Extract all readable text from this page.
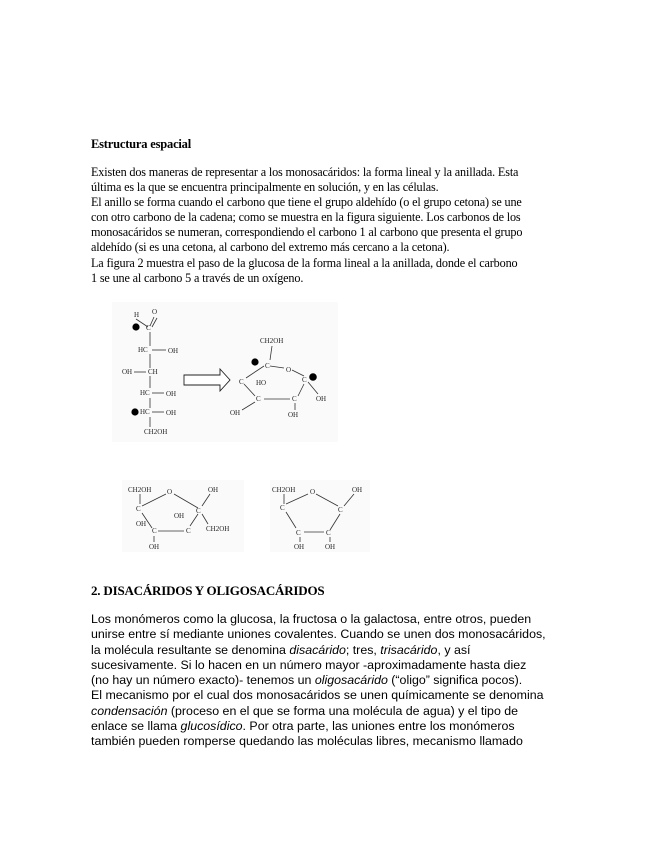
Estructura espacial

Existen dos maneras de representar a los monosacáridos: la forma lineal y la anillada. Esta

última es la que se encuentra principalmente en solución, y en las células.

El anillo se forma cuando el carbono que tiene el grupo aldehído (o el grupo cetona) se une

con otro carbono de la cadena; como se muestra en la figura siguiente. Los carbonos de los

monosacáridos se numeran, correspondiendo el carbono 1 al carbono que presenta el grupo

aldehído (si es una cetona, al carbono del extremo más cercano a la cetona).

La figura 2 muestra el paso de la glucosa de la forma lineal a la anillada, donde el carbono

1 se une al carbono 5 a través de un oxígeno.

H O
C
HC	OH
OH CH
HC OH
HC OH
CH2OH
CH2OH
C O
C
OH
C
OH
C
OH
C HO
CH2OH
C
O	OH
C
CH2OH
OH
C
C
OH
OH
CH2OH
C
O	OH
C
C
C
OH	OH
2. DISACÁRIDOS Y OLIGOSACÁRIDOS

Los monómeros como la glucosa, la fructosa o la galactosa, entre otros, pueden

unirse entre sí mediante uniones covalentes. Cuando se unen dos monosacáridos,

la molécula resultante se denomina disacárido; tres, trisacárido, y así

sucesivamente. Si lo hacen en un número mayor -aproximadamente hasta diez

(no hay un número exacto)- tenemos un oligosacárido (“oligo” significa pocos).

El mecanismo por el cual dos monosacáridos se unen químicamente se denomina

condensación (proceso en el que se forma una molécula de agua) y el tipo de

enlace se llama glucosídico. Por otra parte, las uniones entre los monómeros

también pueden romperse quedando las moléculas libres, mecanismo llamado
